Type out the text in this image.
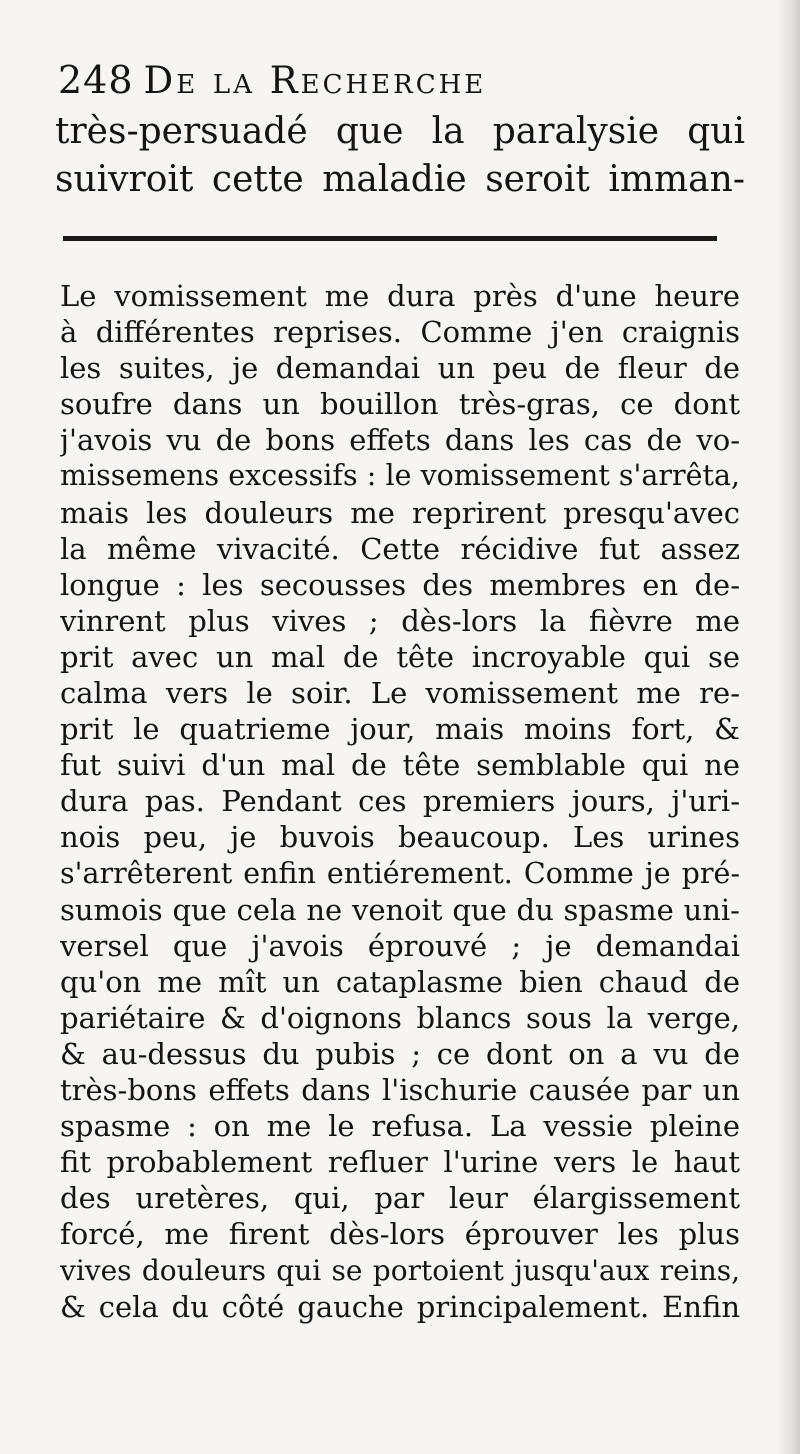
248 De la Recherche
très-persuadé que la paralysie qui
suivroit cette maladie seroit imman-
Le vomissement me dura près d'une heure
à différentes reprises. Comme j'en craignis
les suites, je demandai un peu de fleur de
soufre dans un bouillon très-gras, ce dont
j'avois vu de bons effets dans les cas de vo-
missemens excessifs : le vomissement s'arrêta,
mais les douleurs me reprirent presqu'avec
la même vivacité. Cette récidive fut assez
longue : les secousses des membres en de-
vinrent plus vives ; dès-lors la fièvre me
prit avec un mal de tête incroyable qui se
calma vers le soir. Le vomissement me re-
prit le quatrieme jour, mais moins fort, &
fut suivi d'un mal de tête semblable qui ne
dura pas. Pendant ces premiers jours, j'uri-
nois peu, je buvois beaucoup. Les urines
s'arrêterent enfin entiérement. Comme je pré-
sumois que cela ne venoit que du spasme uni-
versel que j'avois éprouvé ; je demandai
qu'on me mît un cataplasme bien chaud de
pariétaire & d'oignons blancs sous la verge,
& au-dessus du pubis ; ce dont on a vu de
très-bons effets dans l'ischurie causée par un
spasme : on me le refusa. La vessie pleine
fit probablement refluer l'urine vers le haut
des uretères, qui, par leur élargissement
forcé, me firent dès-lors éprouver les plus
vives douleurs qui se portoient jusqu'aux reins,
& cela du côté gauche principalement. Enfin
